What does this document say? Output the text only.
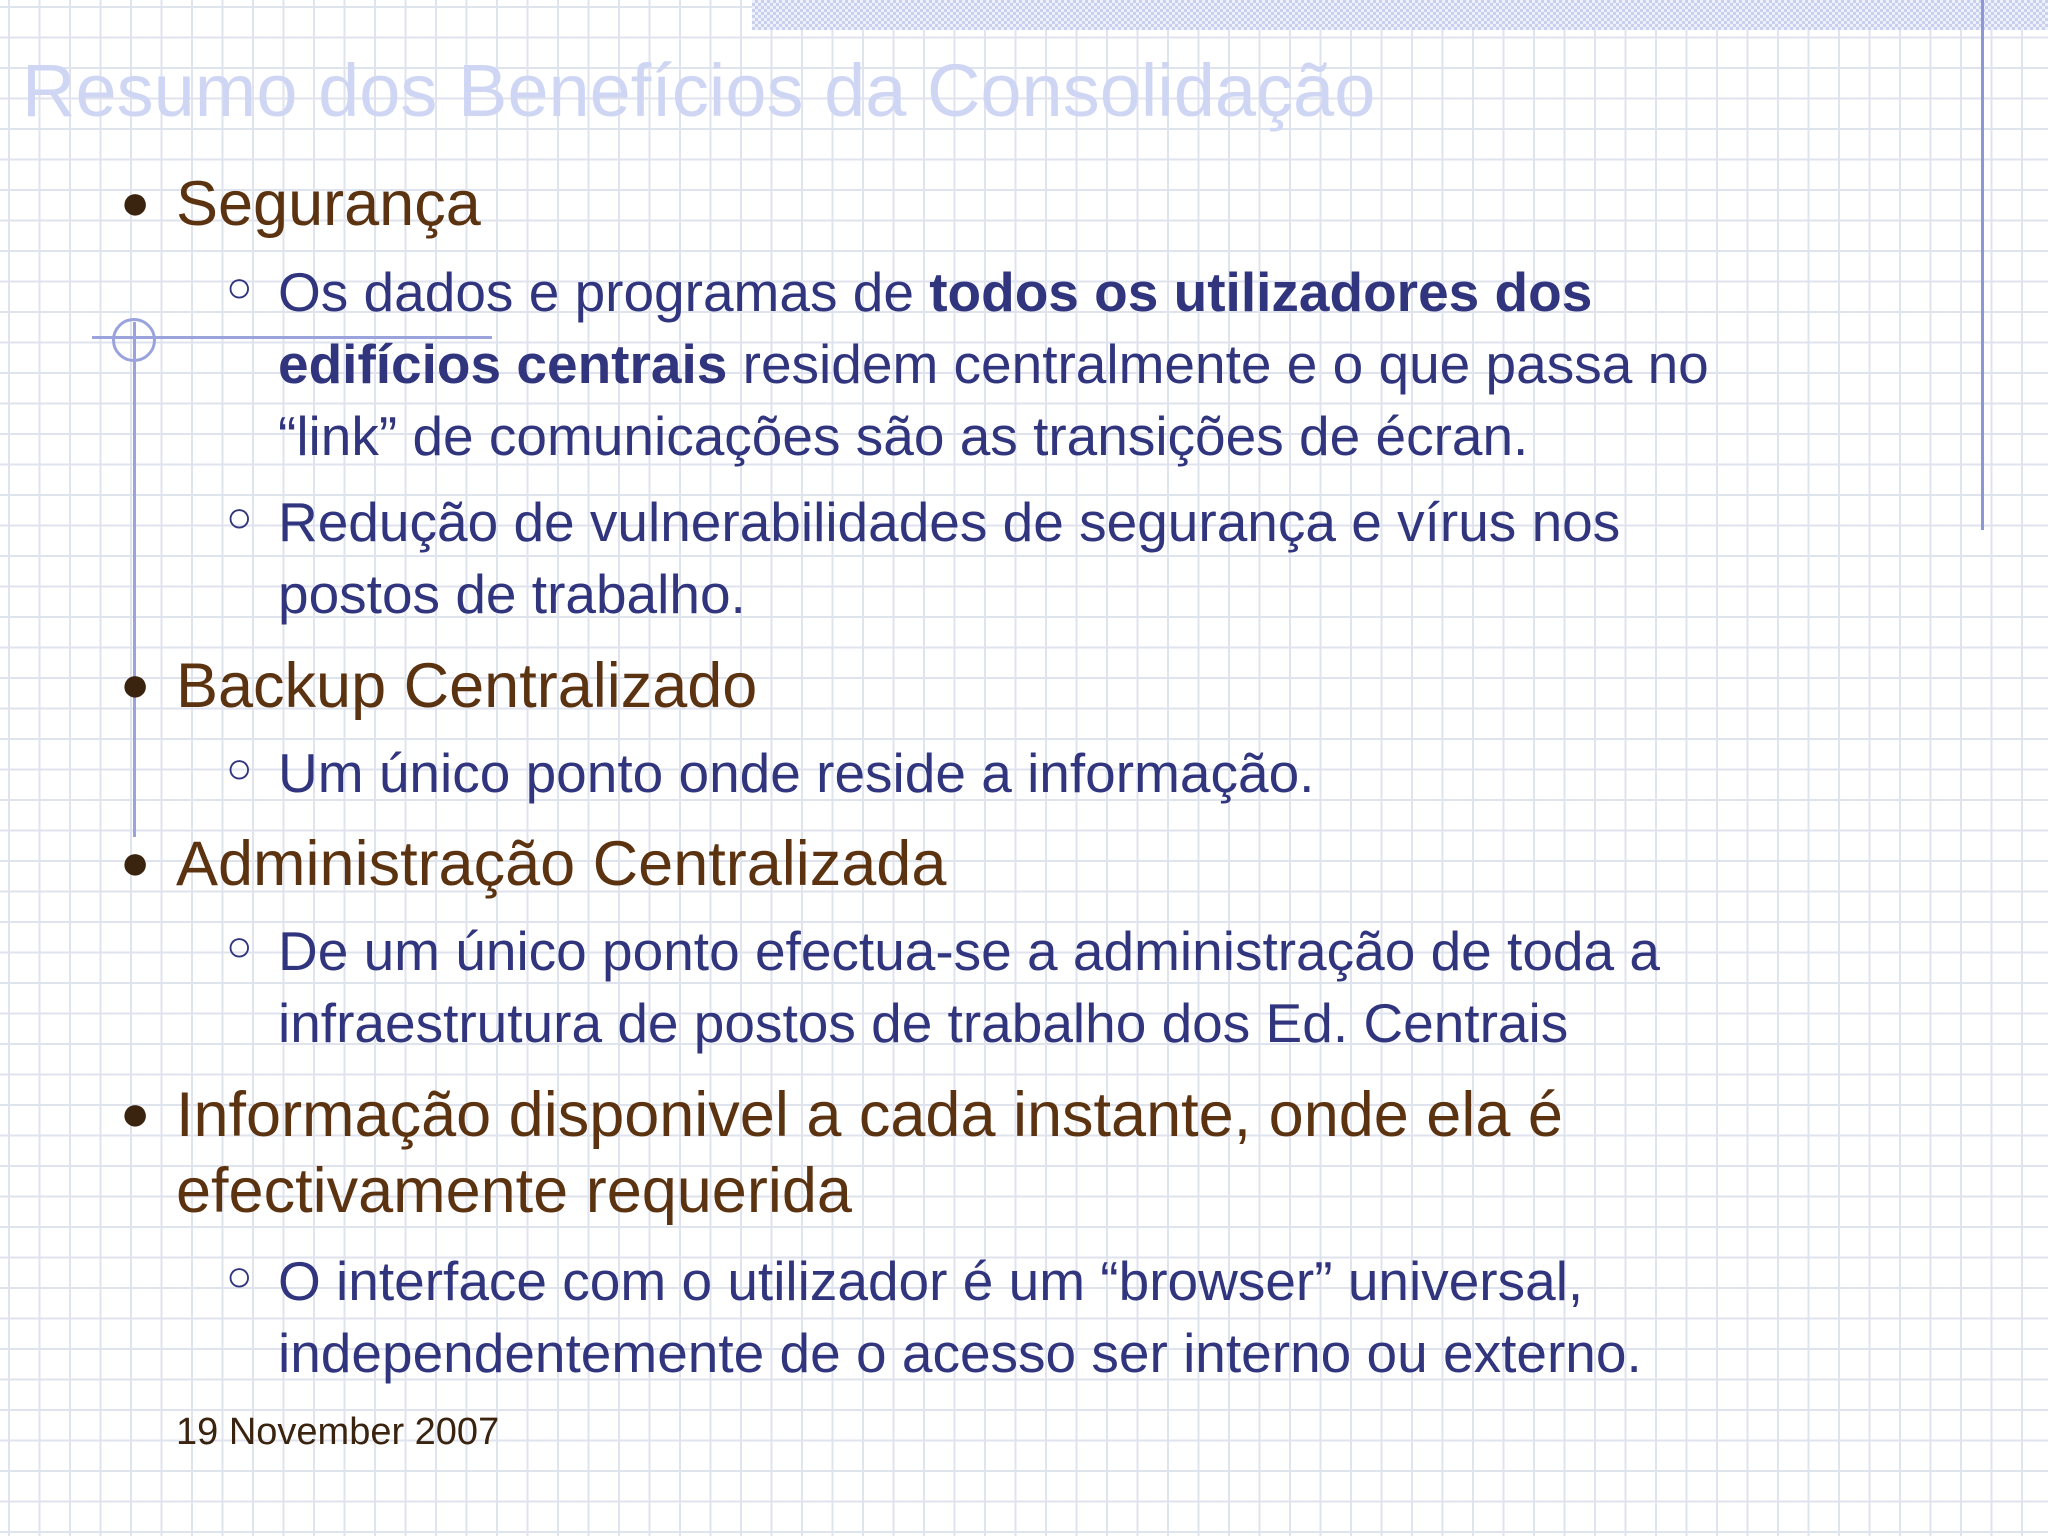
Resumo dos Benefícios da Consolidação
● Segurança
○ Os dados e programas de todos os utilizadores dos
edifícios centrais residem centralmente e o que passa no
“link” de comunicações são as transições de écran.
○ Redução de vulnerabilidades de segurança e vírus nos
postos de trabalho.
● Backup Centralizado
○ Um único ponto onde reside a informação.
● Administração Centralizada
○ De um único ponto efectua-se a administração de toda a
infraestrutura de postos de trabalho dos Ed. Centrais
● Informação disponivel a cada instante, onde ela é
efectivamente requerida
○ O interface com o utilizador é um “browser” universal,
independentemente de o acesso ser interno ou externo.

19 November 2007
